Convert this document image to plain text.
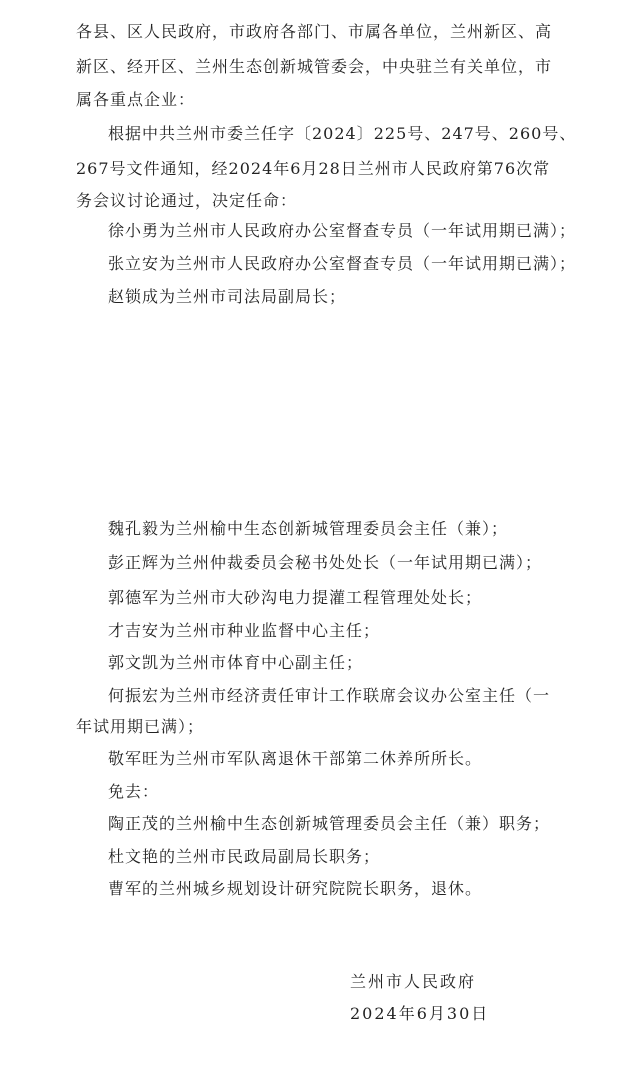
各县、区人民政府，市政府各部门、市属各单位，兰州新区、高
新区、经开区、兰州生态创新城管委会，中央驻兰有关单位，市
属各重点企业：
根据中共兰州市委兰任字〔2024〕225号、247号、260号、
267号文件通知，经2024年6月28日兰州市人民政府第76次常
务会议讨论通过，决定任命：
徐小勇为兰州市人民政府办公室督查专员（一年试用期已满）；
张立安为兰州市人民政府办公室督查专员（一年试用期已满）；
赵锁成为兰州市司法局副局长；
魏孔毅为兰州榆中生态创新城管理委员会主任（兼）；
彭正辉为兰州仲裁委员会秘书处处长（一年试用期已满）；
郭德军为兰州市大砂沟电力提灌工程管理处处长；
才吉安为兰州市种业监督中心主任；
郭文凯为兰州市体育中心副主任；
何振宏为兰州市经济责任审计工作联席会议办公室主任（一
年试用期已满）；
敬军旺为兰州市军队离退休干部第二休养所所长。
免去：
陶正茂的兰州榆中生态创新城管理委员会主任（兼）职务；
杜文艳的兰州市民政局副局长职务；
曹军的兰州城乡规划设计研究院院长职务，退休。
兰州市人民政府
2024年6月30日
